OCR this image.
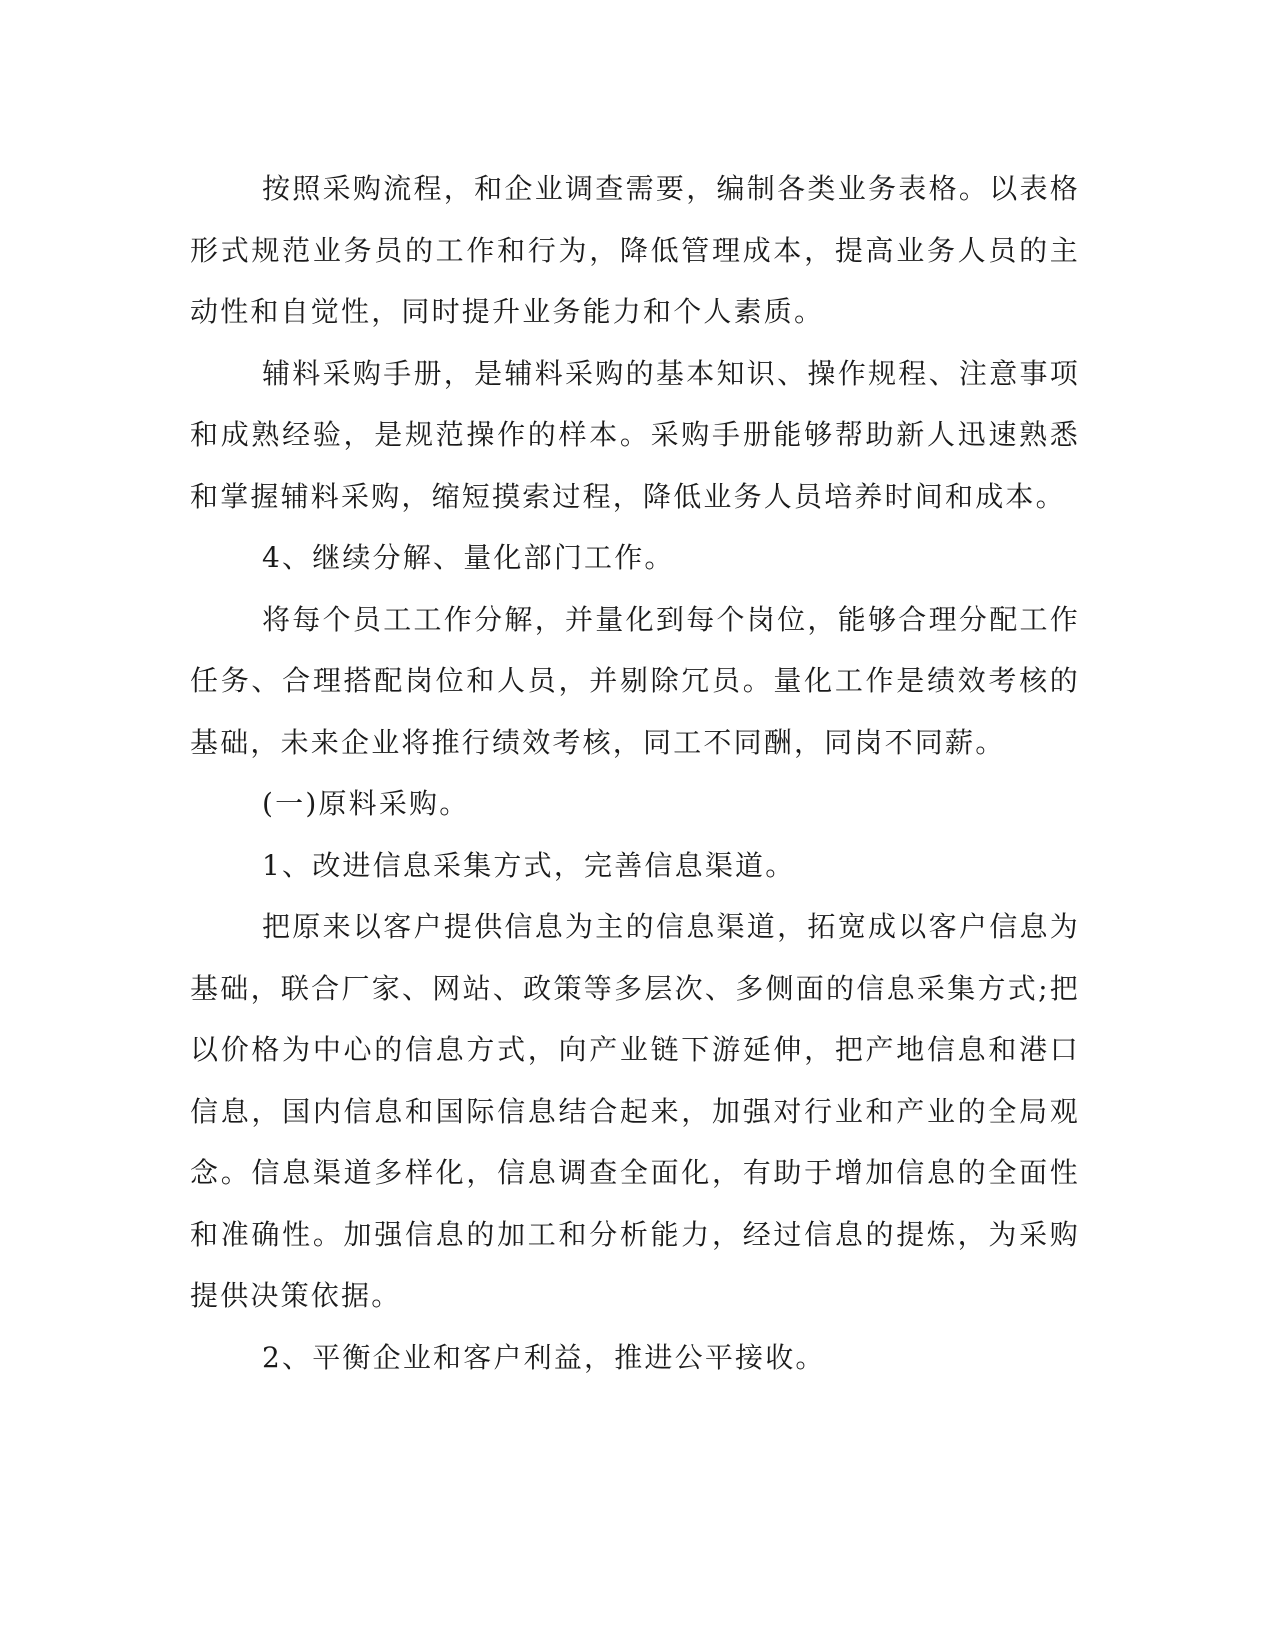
按照采购流程，和企业调查需要，编制各类业务表格。以表格形式规范业务员的工作和行为，降低管理成本，提高业务人员的主动性和自觉性，同时提升业务能力和个人素质。

辅料采购手册，是辅料采购的基本知识、操作规程、注意事项和成熟经验，是规范操作的样本。采购手册能够帮助新人迅速熟悉和掌握辅料采购，缩短摸索过程，降低业务人员培养时间和成本。

4、继续分解、量化部门工作。

将每个员工工作分解，并量化到每个岗位，能够合理分配工作任务、合理搭配岗位和人员，并剔除冗员。量化工作是绩效考核的基础，未来企业将推行绩效考核，同工不同酬，同岗不同薪。

(一)原料采购。

1、改进信息采集方式，完善信息渠道。

把原来以客户提供信息为主的信息渠道，拓宽成以客户信息为基础，联合厂家、网站、政策等多层次、多侧面的信息采集方式;把以价格为中心的信息方式，向产业链下游延伸，把产地信息和港口信息，国内信息和国际信息结合起来，加强对行业和产业的全局观念。信息渠道多样化，信息调查全面化，有助于增加信息的全面性和准确性。加强信息的加工和分析能力，经过信息的提炼，为采购提供决策依据。

2、平衡企业和客户利益，推进公平接收。
